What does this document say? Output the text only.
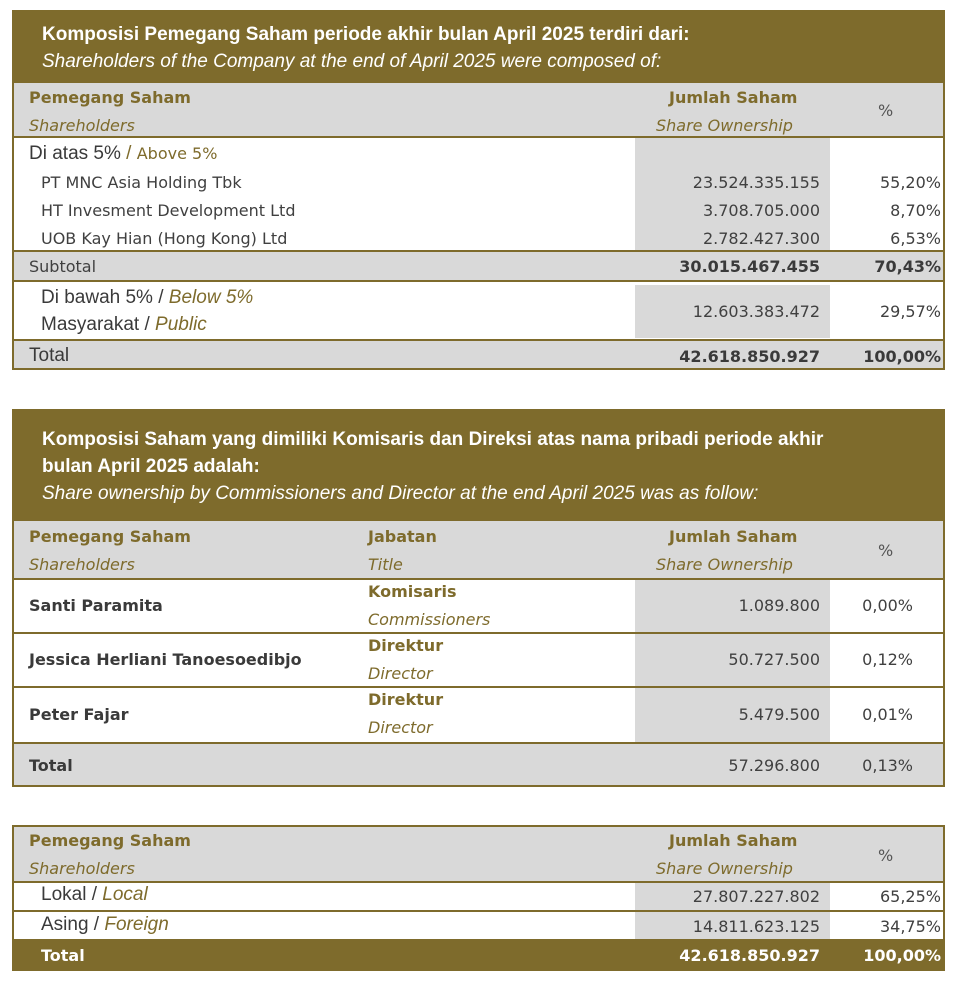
Komposisi Pemegang Saham periode akhir bulan April 2025 terdiri dari:
Shareholders of the Company at the end of April 2025 were composed of:
Pemegang Saham
Shareholders
Jumlah Saham
Share Ownership
%
Di atas 5% / Above 5%
PT MNC Asia Holding Tbk	23.524.335.155	55,20%
HT Invesment Development Ltd	3.708.705.000	8,70%
UOB Kay Hian (Hong Kong) Ltd	2.782.427.300	6,53%
Subtotal	30.015.467.455	70,43%
Di bawah 5% / Below 5%
Masyarakat / Public
12.603.383.472	29,57%
Total	42.618.850.927	100,00%
Komposisi Saham yang dimiliki Komisaris dan Direksi atas nama pribadi periode akhir
bulan April 2025 adalah:
Share ownership by Commissioners and Director at the end April 2025 was as follow:
Pemegang Saham
Shareholders
Jabatan
Title
Jumlah Saham
Share Ownership
%
Santi Paramita
Komisaris
Commissioners
1.089.800	0,00%
Jessica Herliani Tanoesoedibjo
Direktur
Director
50.727.500	0,12%
Peter Fajar
Direktur
Director
5.479.500	0,01%
Total	57.296.800	0,13%
Pemegang Saham
Shareholders
Jumlah Saham
Share Ownership
%
Lokal / Local	27.807.227.802	65,25%
Asing / Foreign	14.811.623.125	34,75%
Total	42.618.850.927	100,00%
